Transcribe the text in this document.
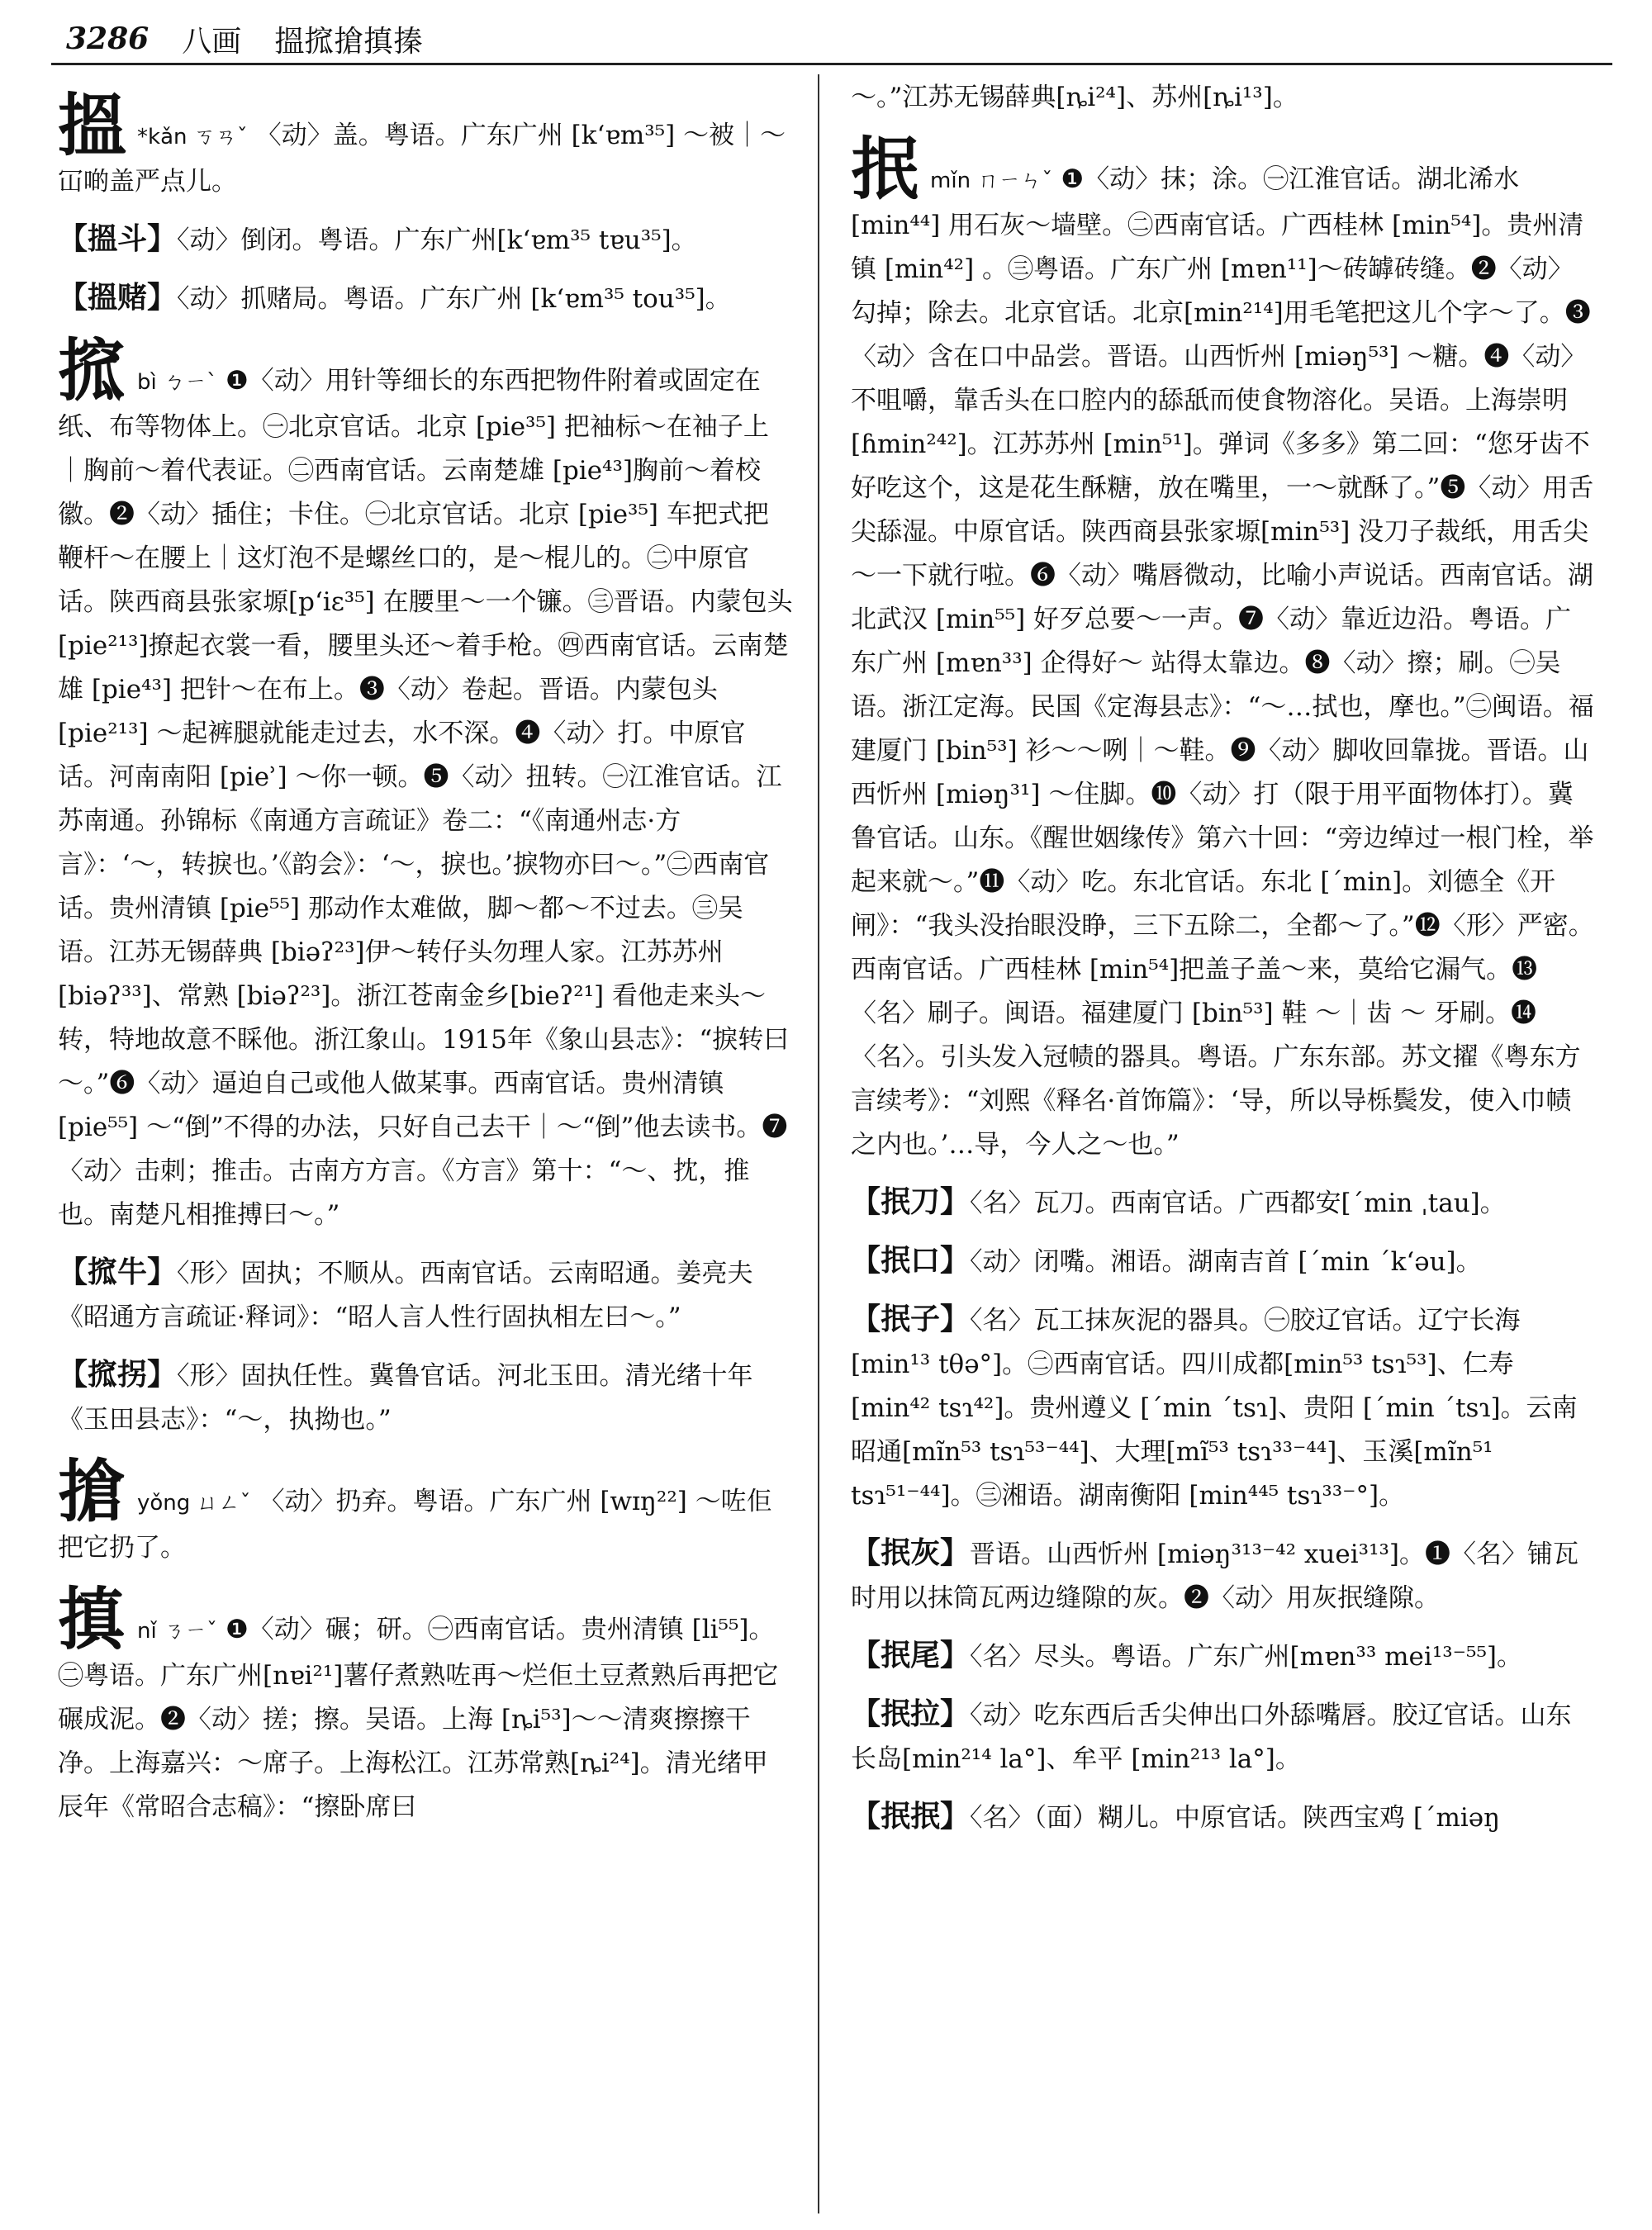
3286 八画 搵搲搶搷搸
搵 *kǎn ㄎㄢˇ 〈动〉盖。粤语。广东广州 [kʻɐm³⁵] ～被｜～冚啲盖严点儿。
【搵斗】〈动〉倒闭。粤语。广东广州[kʻɐm³⁵ tɐu³⁵]。
【搵赌】〈动〉抓赌局。粤语。广东广州 [kʻɐm³⁵ tou³⁵]。
搲bì ㄅㄧˋ ❶〈动〉用针等细长的东西把物件附着或固定在纸、布等物体上。㊀北京官话。北京 [pie³⁵] 把袖标～在袖子上｜胸前～着代表证。㊁西南官话。云南楚雄 [pie⁴³]胸前～着校徽。❷〈动〉插住；卡住。㊀北京官话。北京 [pie³⁵] 车把式把鞭杆～在腰上｜这灯泡不是螺丝口的，是～棍儿的。㊁中原官话。陕西商县张家塬[pʻiɛ³⁵] 在腰里～一个镰。㊂晋语。内蒙包头 [pie²¹³]撩起衣裳一看，腰里头还～着手枪。㊃西南官话。云南楚雄 [pie⁴³] 把针～在布上。❸〈动〉卷起。晋语。内蒙包头 [pie²¹³] ～起裤腿就能走过去，水不深。❹〈动〉打。中原官话。河南南阳 [pieʾ] ～你一顿。❺〈动〉扭转。㊀江淮官话。江苏南通。孙锦标《南通方言疏证》卷二：“《南通州志·方言》：‘～，转捩也。’《韵会》：‘～，捩也。’捩物亦曰～。”㊁西南官话。贵州清镇 [pie⁵⁵] 那动作太难做，脚～都～不过去。㊂吴语。江苏无锡薛典 [biəʔ²³]伊～转仔头勿理人家。江苏苏州 [biəʔ³³]、常熟 [biəʔ²³]。浙江苍南金乡[bieʔ²¹] 看他走来头～转，特地故意不睬他。浙江象山。1915年《象山县志》：“捩转曰～。”❻〈动〉逼迫自己或他人做某事。西南官话。贵州清镇[pie⁵⁵] ～“倒”不得的办法，只好自己去干｜～“倒”他去读书。❼〈动〉击刺；推击。古南方方言。《方言》第十：“～、抌，推也。南楚凡相推搏曰～。”
【搲牛】〈形〉固执；不顺从。西南官话。云南昭通。姜亮夫《昭通方言疏证·释词》：“昭人言人性行固执相左曰～。”
【搲拐】〈形〉固执任性。冀鲁官话。河北玉田。清光绪十年《玉田县志》：“～，执拗也。”
搶yǒng ㄩㄥˇ 〈动〉扔弃。粤语。广东广州 [wɪŋ²²] ～咗佢把它扔了。
搷nǐ ㄋㄧˇ ❶〈动〉碾；研。㊀西南官话。贵州清镇 [li⁵⁵]。㊁粤语。广东广州[nɐi²¹]薯仔煮熟咗再～烂佢土豆煮熟后再把它碾成泥。❷〈动〉搓；擦。吴语。上海 [ȵi⁵³]～～清爽擦擦干净。上海嘉兴：～席子。上海松江。江苏常熟[ȵi²⁴]。清光绪甲辰年《常昭合志稿》：“擦卧席曰
～。”江苏无锡薛典[ȵi²⁴]、苏州[ȵi¹³]。
抿mǐn ㄇㄧㄣˇ ❶〈动〉抹；涂。㊀江淮官话。湖北浠水 [min⁴⁴] 用石灰～墙壁。㊁西南官话。广西桂林 [min⁵⁴]。贵州清镇 [min⁴²] 。㊂粤语。广东广州 [mɐn¹¹]～砖罅砖缝。❷〈动〉勾掉；除去。北京官话。北京[min²¹⁴]用毛笔把这儿个字～了。❸〈动〉含在口中品尝。晋语。山西忻州 [miəŋ⁵³] ～糖。❹〈动〉不咀嚼，靠舌头在口腔内的舔舐而使食物溶化。吴语。上海崇明[ɦmin²⁴²]。江苏苏州 [min⁵¹]。弹词《多多》第二回：“您牙齿不好吃这个，这是花生酥糖，放在嘴里，一～就酥了。”❺〈动〉用舌尖舔湿。中原官话。陕西商县张家塬[min⁵³] 没刀子裁纸，用舌尖～一下就行啦。❻〈动〉嘴唇微动，比喻小声说话。西南官话。湖北武汉 [min⁵⁵] 好歹总要～一声。❼〈动〉靠近边沿。粤语。广东广州 [mɐn³³] 企得好～ 站得太靠边。❽〈动〉擦；刷。㊀吴语。浙江定海。民国《定海县志》：“～…拭也，摩也。”㊁闽语。福建厦门 [bin⁵³] 衫～～咧｜～鞋。❾〈动〉脚收回靠拢。晋语。山西忻州 [miəŋ³¹] ～住脚。❿〈动〉打（限于用平面物体打）。冀鲁官话。山东。《醒世姻缘传》第六十回：“旁边绰过一根门栓，举起来就～。”⓫〈动〉吃。东北官话。东北 [ˊmin]。刘德全《开闸》：“我头没抬眼没睁，三下五除二，全都～了。”⓬〈形〉严密。西南官话。广西桂林 [min⁵⁴]把盖子盖～来，莫给它漏气。⓭〈名〉刷子。闽语。福建厦门 [bin⁵³] 鞋 ～｜齿 ～ 牙刷。⓮〈名〉。引头发入冠帻的器具。粤语。广东东部。苏文擢《粤东方言续考》：“刘熙《释名·首饰篇》：‘导，所以导栎鬓发，使入巾帻之内也。’…导，今人之～也。”
【抿刀】〈名〉瓦刀。西南官话。广西都安[ˊmin ˌtau]。
【抿口】〈动〉闭嘴。湘语。湖南吉首 [ˊmin ˊkʻəu]。
【抿子】〈名〉瓦工抹灰泥的器具。㊀胶辽官话。辽宁长海[min¹³ tθə°]。㊁西南官话。四川成都[min⁵³ tsɿ⁵³]、仁寿 [min⁴² tsɿ⁴²]。贵州遵义 [ˊmin ˊtsɿ]、贵阳 [ˊmin ˊtsɿ]。云南昭通[mĩn⁵³ tsɿ⁵³⁻⁴⁴]、大理[mĩ⁵³ tsɿ³³⁻⁴⁴]、玉溪[mĩn⁵¹ tsɿ⁵¹⁻⁴⁴]。㊂湘语。湖南衡阳 [min⁴⁴⁵ tsɿ³³⁻°]。
【抿灰】晋语。山西忻州 [miəŋ³¹³⁻⁴² xuei³¹³]。❶〈名〉铺瓦时用以抹筒瓦两边缝隙的灰。❷〈动〉用灰抿缝隙。
【抿尾】〈名〉尽头。粤语。广东广州[mɐn³³ mei¹³⁻⁵⁵]。
【抿拉】〈动〉吃东西后舌尖伸出口外舔嘴唇。胶辽官话。山东长岛[min²¹⁴ la°]、牟平 [min²¹³ la°]。
【抿抿】〈名〉（面）糊儿。中原官话。陕西宝鸡 [ˊmiəŋ
